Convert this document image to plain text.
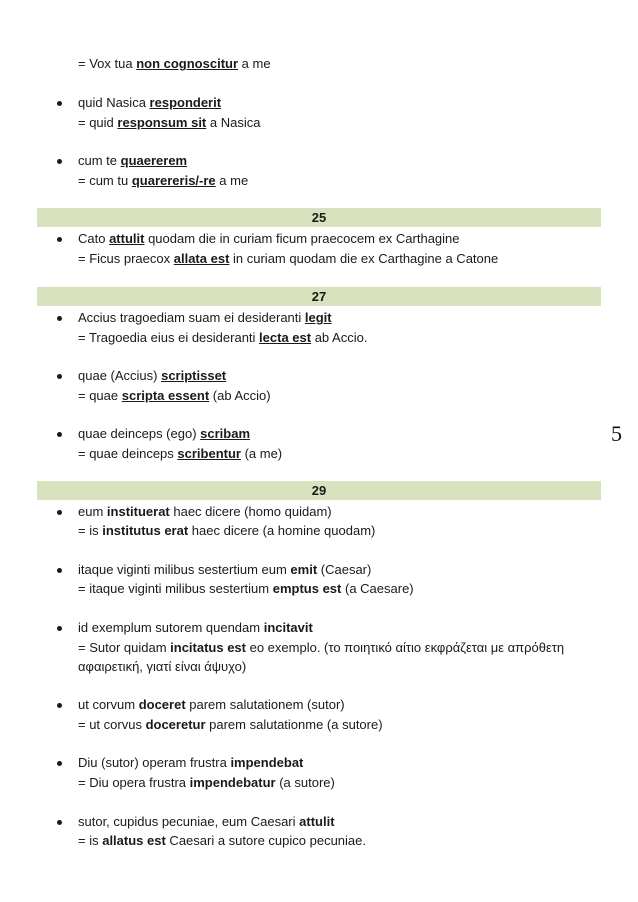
= Vox tua non cognoscitur a me
quid Nasica responderit
= quid responsum sit a Nasica
cum te quaererem
= cum tu quarereris/-re a me
25
Cato attulit quodam die in curiam ficum praecocem ex Carthagine
= Ficus praecox allata est in curiam quodam die ex Carthagine a Catone
27
Accius tragoediam suam ei desideranti legit
= Tragoedia eius ei desideranti lecta est ab Accio.
quae (Accius) scriptisset
= quae scripta essent (ab Accio)
quae deinceps (ego) scribam
= quae deinceps scribentur (a me)
5
29
eum instituerat haec dicere (homo quidam)
= is institutus erat haec dicere (a homine quodam)
itaque viginti milibus sestertium eum emit (Caesar)
= itaque viginti milibus sestertium emptus est (a Caesare)
id exemplum sutorem quendam incitavit
= Sutor quidam incitatus est eo exemplo. (το ποιητικό αίτιο εκφράζεται με απρόθετη
αφαιρετική, γιατί είναι άψυχο)
ut corvum doceret parem salutationem (sutor)
= ut corvus doceretur parem salutationme (a sutore)
Diu (sutor) operam frustra impendebat
= Diu opera frustra impendebatur (a sutore)
sutor, cupidus pecuniae, eum Caesari attulit
= is allatus est Caesari a sutore cupico pecuniae.
